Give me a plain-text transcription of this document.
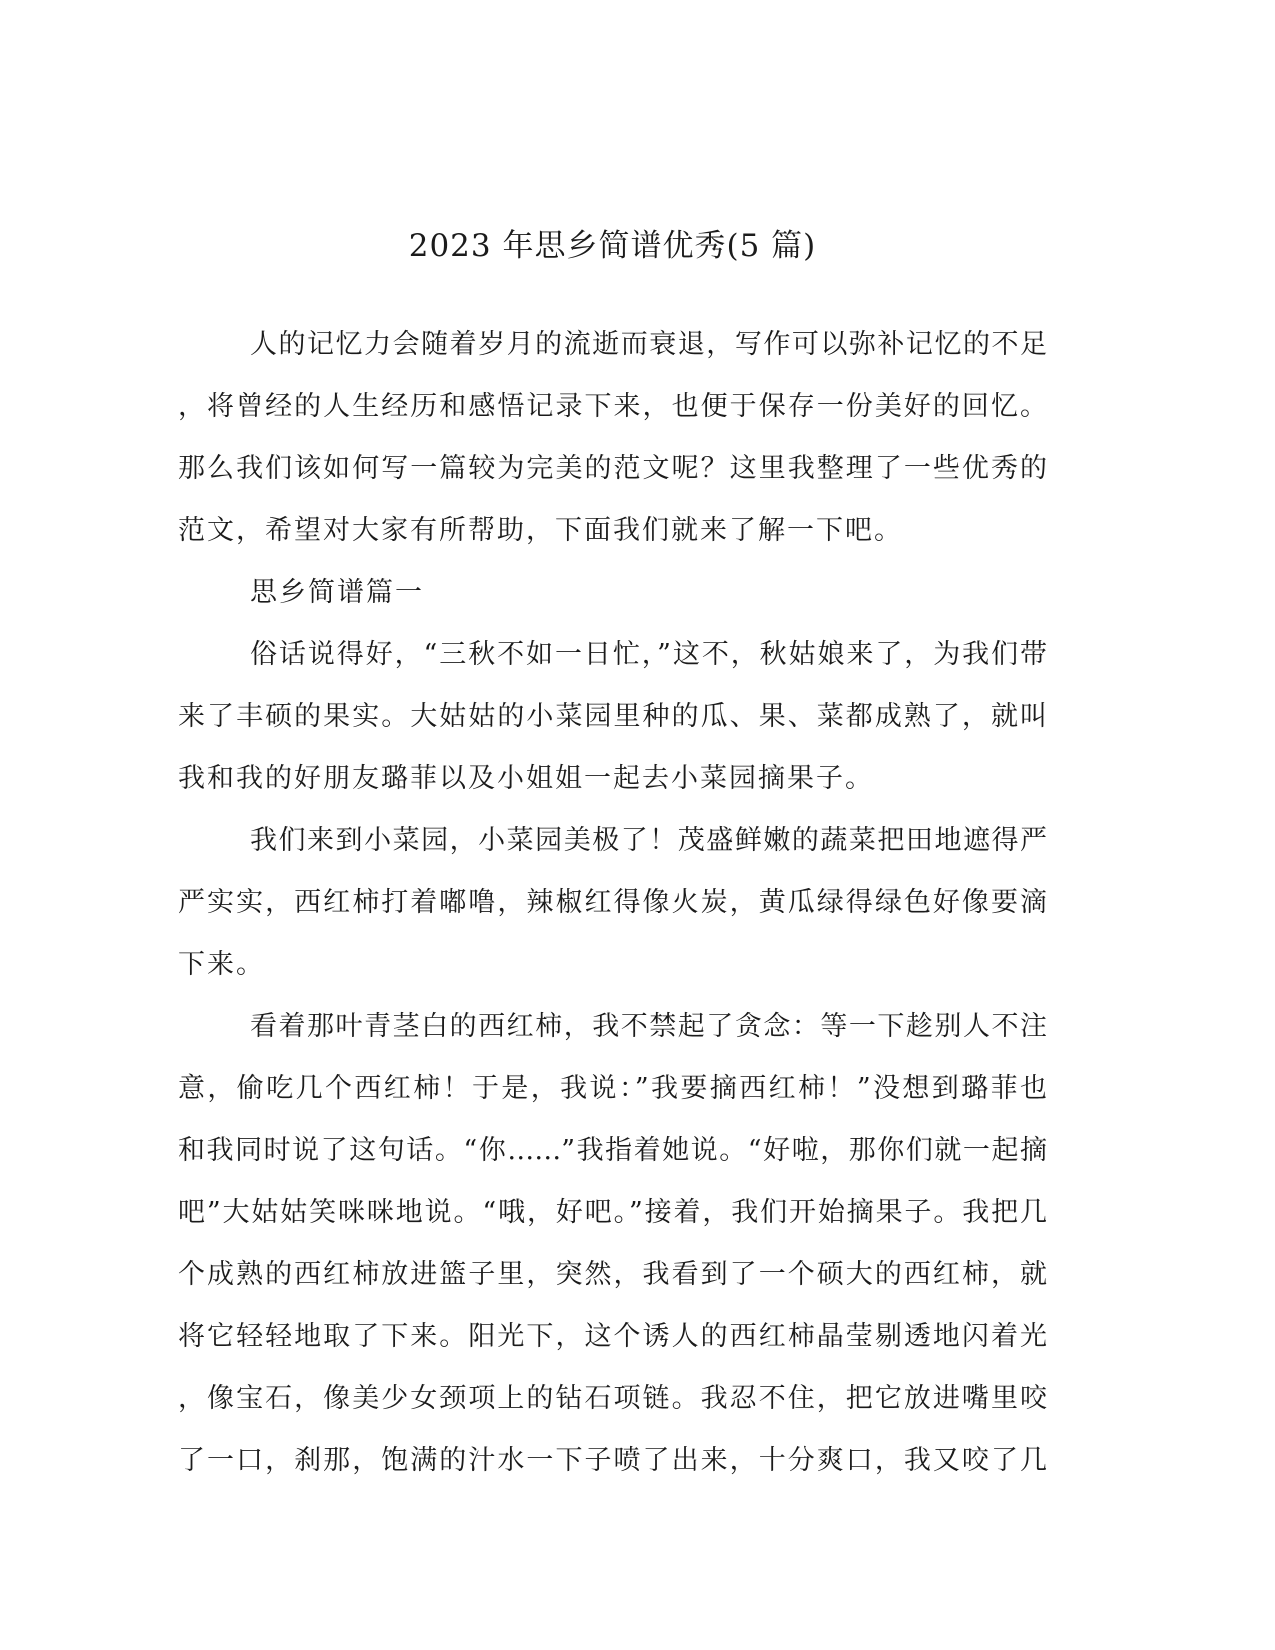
2023 年思乡简谱优秀(5 篇)
人的记忆力会随着岁月的流逝而衰退，写作可以弥补记忆的不足
，将曾经的人生经历和感悟记录下来，也便于保存一份美好的回忆。
那么我们该如何写一篇较为完美的范文呢？这里我整理了一些优秀的
范文，希望对大家有所帮助，下面我们就来了解一下吧。
思乡简谱篇一
俗话说得好，“三秋不如一日忙，”这不，秋姑娘来了，为我们带
来了丰硕的果实。大姑姑的小菜园里种的瓜、果、菜都成熟了，就叫
我和我的好朋友璐菲以及小姐姐一起去小菜园摘果子。
我们来到小菜园，小菜园美极了！茂盛鲜嫩的蔬菜把田地遮得严
严实实，西红柿打着嘟噜，辣椒红得像火炭，黄瓜绿得绿色好像要滴
下来。
看着那叶青茎白的西红柿，我不禁起了贪念：等一下趁别人不注
意，偷吃几个西红柿！于是，我说：”我要摘西红柿！”没想到璐菲也
和我同时说了这句话。“你……”我指着她说。“好啦，那你们就一起摘
吧”大姑姑笑咪咪地说。“哦，好吧。”接着，我们开始摘果子。我把几
个成熟的西红柿放进篮子里，突然，我看到了一个硕大的西红柿，就
将它轻轻地取了下来。阳光下，这个诱人的西红柿晶莹剔透地闪着光
，像宝石，像美少女颈项上的钻石项链。我忍不住，把它放进嘴里咬
了一口，刹那，饱满的汁水一下子喷了出来，十分爽口，我又咬了几
